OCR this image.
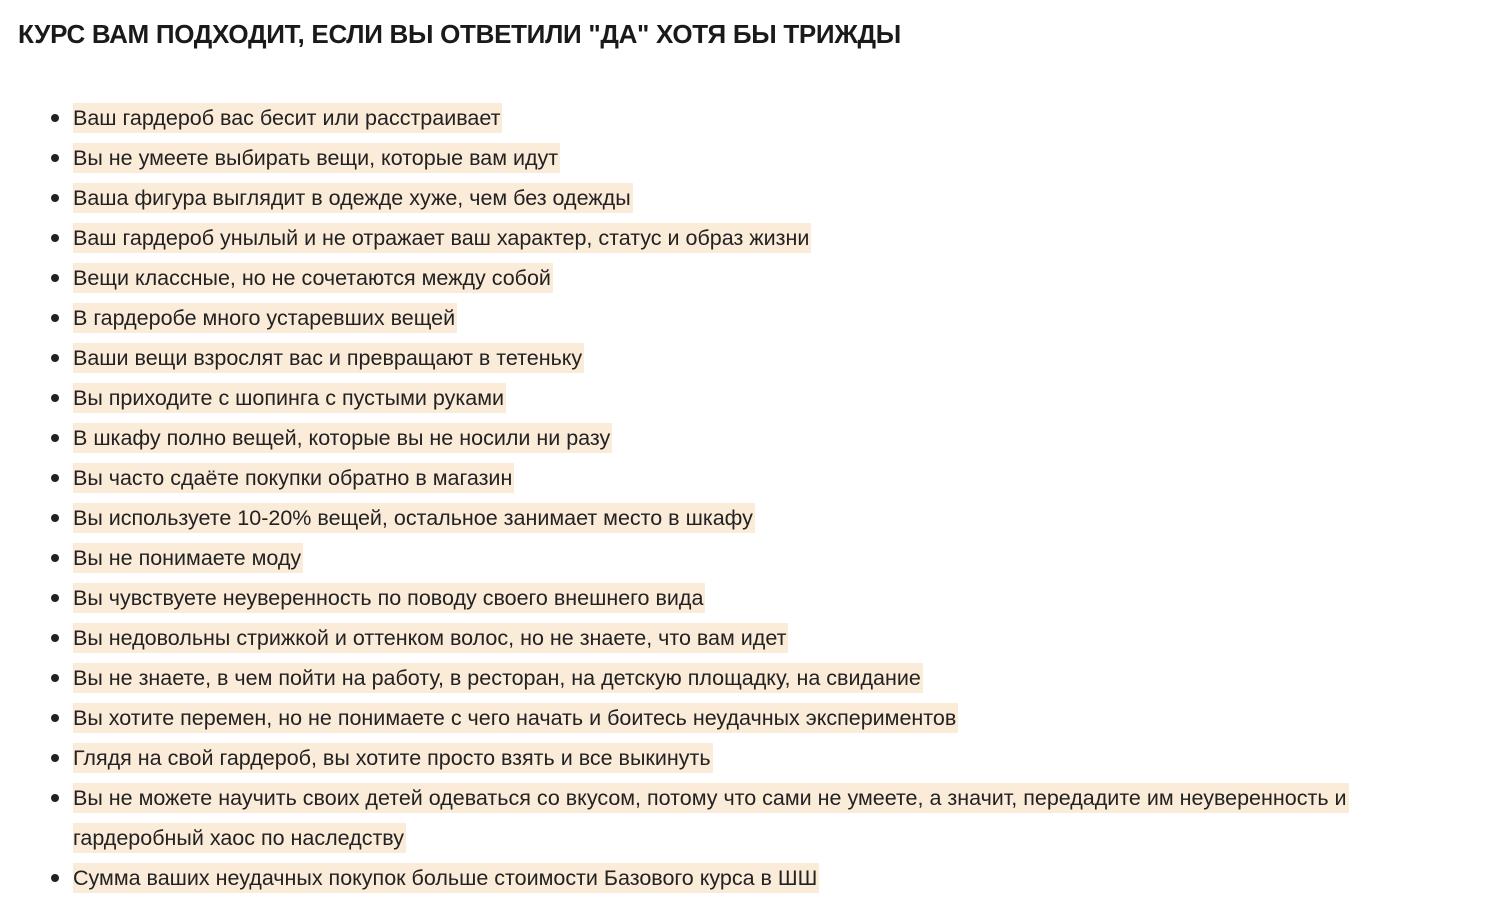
КУРС ВАМ ПОДХОДИТ, ЕСЛИ ВЫ ОТВЕТИЛИ "ДА" ХОТЯ БЫ ТРИЖДЫ
Ваш гардероб вас бесит или расстраивает
Вы не умеете выбирать вещи, которые вам идут
Ваша фигура выглядит в одежде хуже, чем без одежды
Ваш гардероб унылый и не отражает ваш характер, статус и образ жизни
Вещи классные, но не сочетаются между собой
В гардеробе много устаревших вещей
Ваши вещи взрослят вас и превращают в тетеньку
Вы приходите с шопинга с пустыми руками
В шкафу полно вещей, которые вы не носили ни разу
Вы часто сдаёте покупки обратно в магазин
Вы используете 10-20% вещей, остальное занимает место в шкафу
Вы не понимаете моду
Вы чувствуете неуверенность по поводу своего внешнего вида
Вы недовольны стрижкой и оттенком волос, но не знаете, что вам идет
Вы не знаете, в чем пойти на работу, в ресторан, на детскую площадку, на свидание
Вы хотите перемен, но не понимаете с чего начать и боитесь неудачных экспериментов
Глядя на свой гардероб, вы хотите просто взять и все выкинуть
Вы не можете научить своих детей одеваться со вкусом, потому что сами не умеете, а значит, передадите им неуверенность и гардеробный хаос по наследству
Сумма ваших неудачных покупок больше стоимости Базового курса в ШШ
